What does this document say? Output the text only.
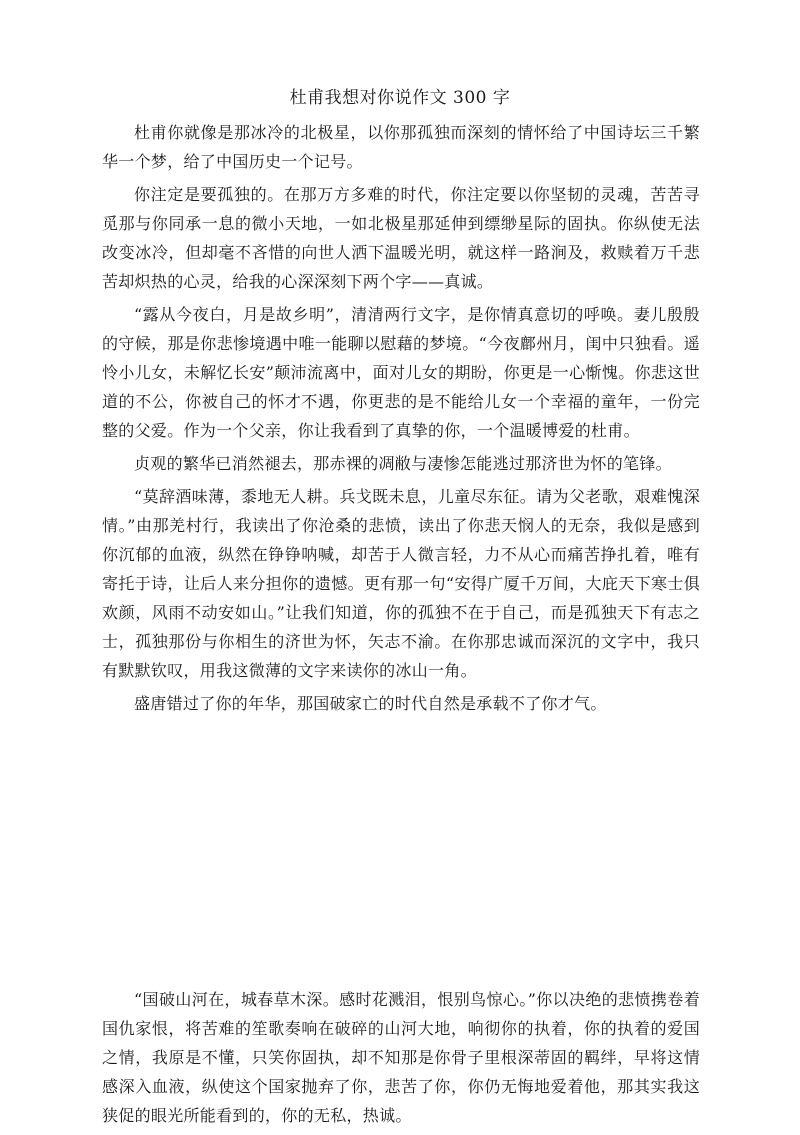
杜甫我想对你说作文 300 字

杜甫你就像是那冰冷的北极星，以你那孤独而深刻的情怀给了中国诗坛三千繁华一个梦，给了中国历史一个记号。

你注定是要孤独的。在那万方多难的时代，你注定要以你坚韧的灵魂，苦苦寻觅那与你同承一息的微小天地，一如北极星那延伸到缥缈星际的固执。你纵使无法改变冰冷，但却毫不吝惜的向世人洒下温暖光明，就这样一路涧及，救赎着万千悲苦却炽热的心灵，给我的心深深刻下两个字——真诚。

“露从今夜白，月是故乡明”，清清两行文字，是你情真意切的呼唤。妻儿殷殷的守候，那是你悲惨境遇中唯一能聊以慰藉的梦境。“今夜鄜州月，闺中只独看。遥怜小儿女，未解忆长安”颠沛流离中，面对儿女的期盼，你更是一心惭愧。你悲这世道的不公，你被自己的怀才不遇，你更悲的是不能给儿女一个幸福的童年，一份完整的父爱。作为一个父亲，你让我看到了真挚的你，一个温暖博爱的杜甫。

贞观的繁华已消然褪去，那赤裸的凋敝与凄惨怎能逃过那济世为怀的笔锋。

“莫辞酒味薄，黍地无人耕。兵戈既未息，儿童尽东征。请为父老歌，艰难愧深情。”由那羌村行，我读出了你沧桑的悲愤，读出了你悲天悯人的无奈，我似是感到你沉郁的血液，纵然在铮铮呐喊，却苦于人微言轻，力不从心而痛苦挣扎着，唯有寄托于诗，让后人来分担你的遗憾。更有那一句“安得广厦千万间，大庇天下寒士俱欢颜，风雨不动安如山。”让我们知道，你的孤独不在于自己，而是孤独天下有志之士，孤独那份与你相生的济世为怀，矢志不渝。在你那忠诚而深沉的文字中，我只有默默钦叹，用我这微薄的文字来读你的冰山一角。

盛唐错过了你的年华，那国破家亡的时代自然是承载不了你才气。

“国破山河在，城春草木深。感时花溅泪，恨别鸟惊心。”你以决绝的悲愤携卷着国仇家恨，将苦难的笙歌奏响在破碎的山河大地，响彻你的执着，你的执着的爱国之情，我原是不懂，只笑你固执，却不知那是你骨子里根深蒂固的羁绊，早将这情感深入血液，纵使这个国家抛弃了你，悲苦了你，你仍无悔地爱着他，那其实我这狭促的眼光所能看到的，你的无私，热诚。
